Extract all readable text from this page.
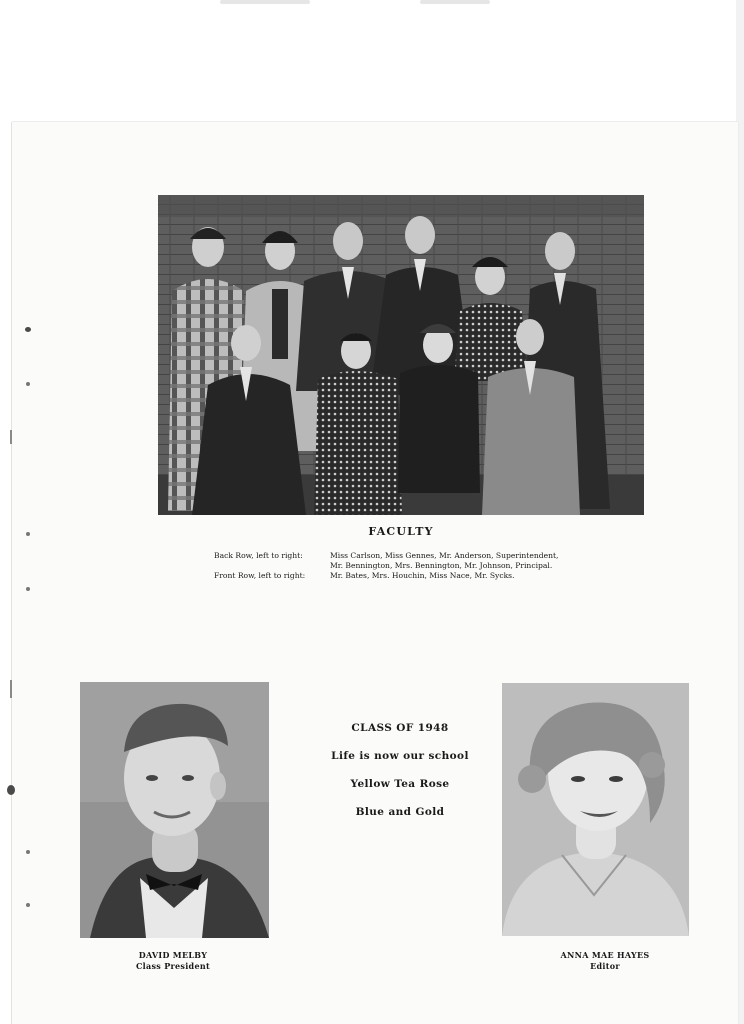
FACULTY
Back Row, left to right:	Miss Carlson, Miss Gennes, Mr. Anderson, Superintendent,
Mr. Bennington, Mrs. Bennington, Mr. Johnson, Principal.
Front Row, left to right:	Mr. Bates, Mrs. Houchin, Miss Nace, Mr. Sycks.
DAVID MELBY
Class President
CLASS OF 1948
Life is now our school
Yellow Tea Rose
Blue and Gold
ANNA MAE HAYES
Editor
